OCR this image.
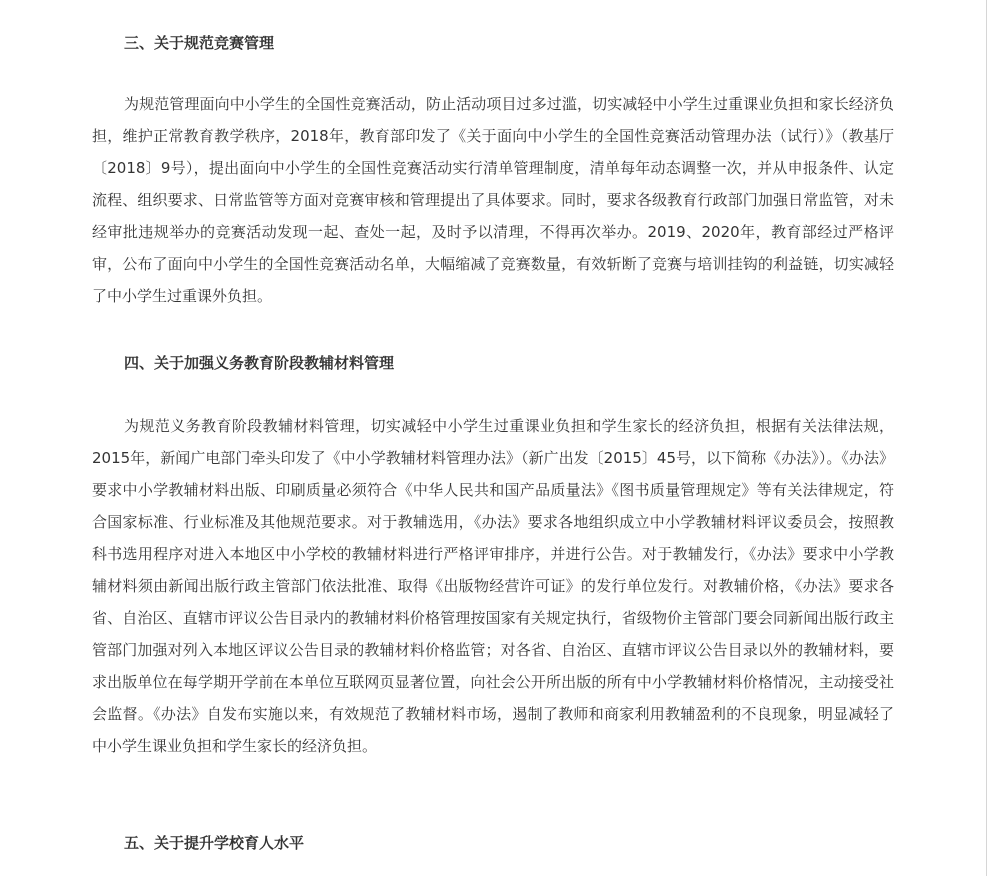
三、关于规范竞赛管理
为规范管理面向中小学生的全国性竞赛活动，防止活动项目过多过滥，切实减轻中小学生过重课业负担和家长经济负担，维护正常教育教学秩序，2018年，教育部印发了《关于面向中小学生的全国性竞赛活动管理办法（试行）》（教基厅〔2018〕9号），提出面向中小学生的全国性竞赛活动实行清单管理制度，清单每年动态调整一次，并从申报条件、认定流程、组织要求、日常监管等方面对竞赛审核和管理提出了具体要求。同时，要求各级教育行政部门加强日常监管，对未经审批违规举办的竞赛活动发现一起、查处一起，及时予以清理，不得再次举办。2019、2020年，教育部经过严格评审，公布了面向中小学生的全国性竞赛活动名单，大幅缩减了竞赛数量，有效斩断了竞赛与培训挂钩的利益链，切实减轻了中小学生过重课外负担。
四、关于加强义务教育阶段教辅材料管理
为规范义务教育阶段教辅材料管理，切实减轻中小学生过重课业负担和学生家长的经济负担，根据有关法律法规，2015年，新闻广电部门牵头印发了《中小学教辅材料管理办法》（新广出发〔2015〕45号，以下简称《办法》）。《办法》要求中小学教辅材料出版、印刷质量必须符合《中华人民共和国产品质量法》《图书质量管理规定》等有关法律规定，符合国家标准、行业标准及其他规范要求。对于教辅选用，《办法》要求各地组织成立中小学教辅材料评议委员会，按照教科书选用程序对进入本地区中小学校的教辅材料进行严格评审排序，并进行公告。对于教辅发行，《办法》要求中小学教辅材料须由新闻出版行政主管部门依法批准、取得《出版物经营许可证》的发行单位发行。对教辅价格，《办法》要求各省、自治区、直辖市评议公告目录内的教辅材料价格管理按国家有关规定执行，省级物价主管部门要会同新闻出版行政主管部门加强对列入本地区评议公告目录的教辅材料价格监管；对各省、自治区、直辖市评议公告目录以外的教辅材料，要求出版单位在每学期开学前在本单位互联网页显著位置，向社会公开所出版的所有中小学教辅材料价格情况，主动接受社会监督。《办法》自发布实施以来，有效规范了教辅材料市场，遏制了教师和商家利用教辅盈利的不良现象，明显减轻了中小学生课业负担和学生家长的经济负担。
五、关于提升学校育人水平
